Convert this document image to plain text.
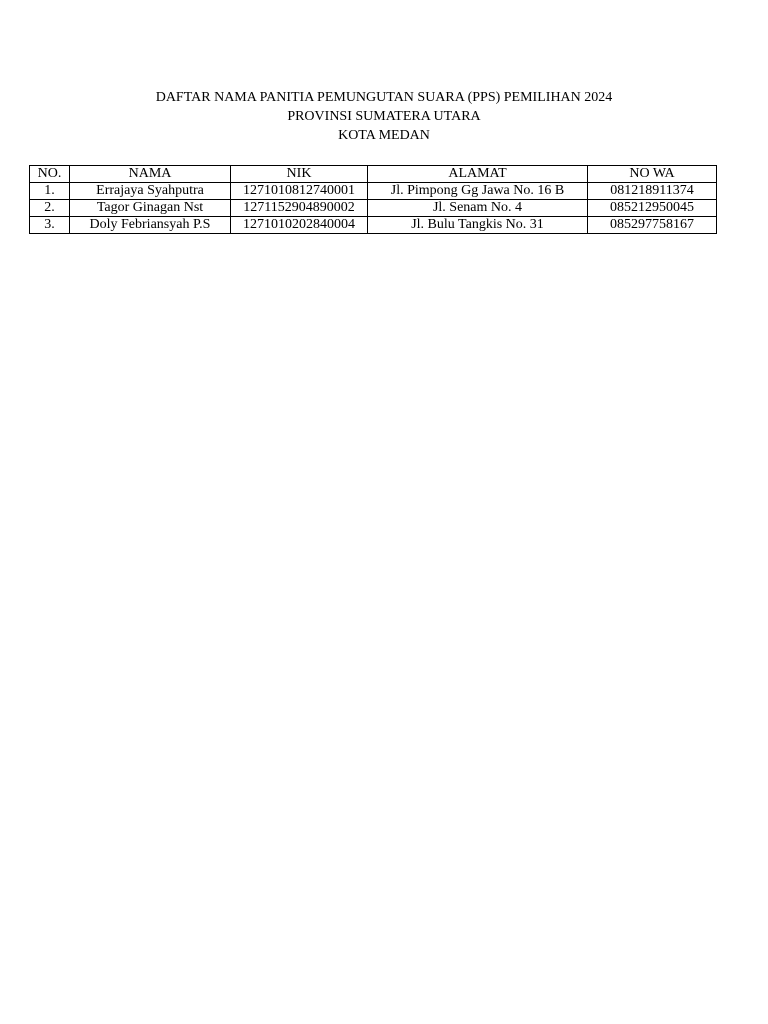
DAFTAR NAMA PANITIA PEMUNGUTAN SUARA (PPS) PEMILIHAN 2024
PROVINSI SUMATERA UTARA
KOTA MEDAN
NO.	NAMA	NIK	ALAMAT	NO WA
1.	Errajaya Syahputra	1271010812740001	Jl. Pimpong Gg Jawa No. 16 B	081218911374
2.	Tagor Ginagan Nst	1271152904890002	Jl. Senam No. 4	085212950045
3.	Doly Febriansyah P.S	1271010202840004	Jl. Bulu Tangkis No. 31	085297758167
